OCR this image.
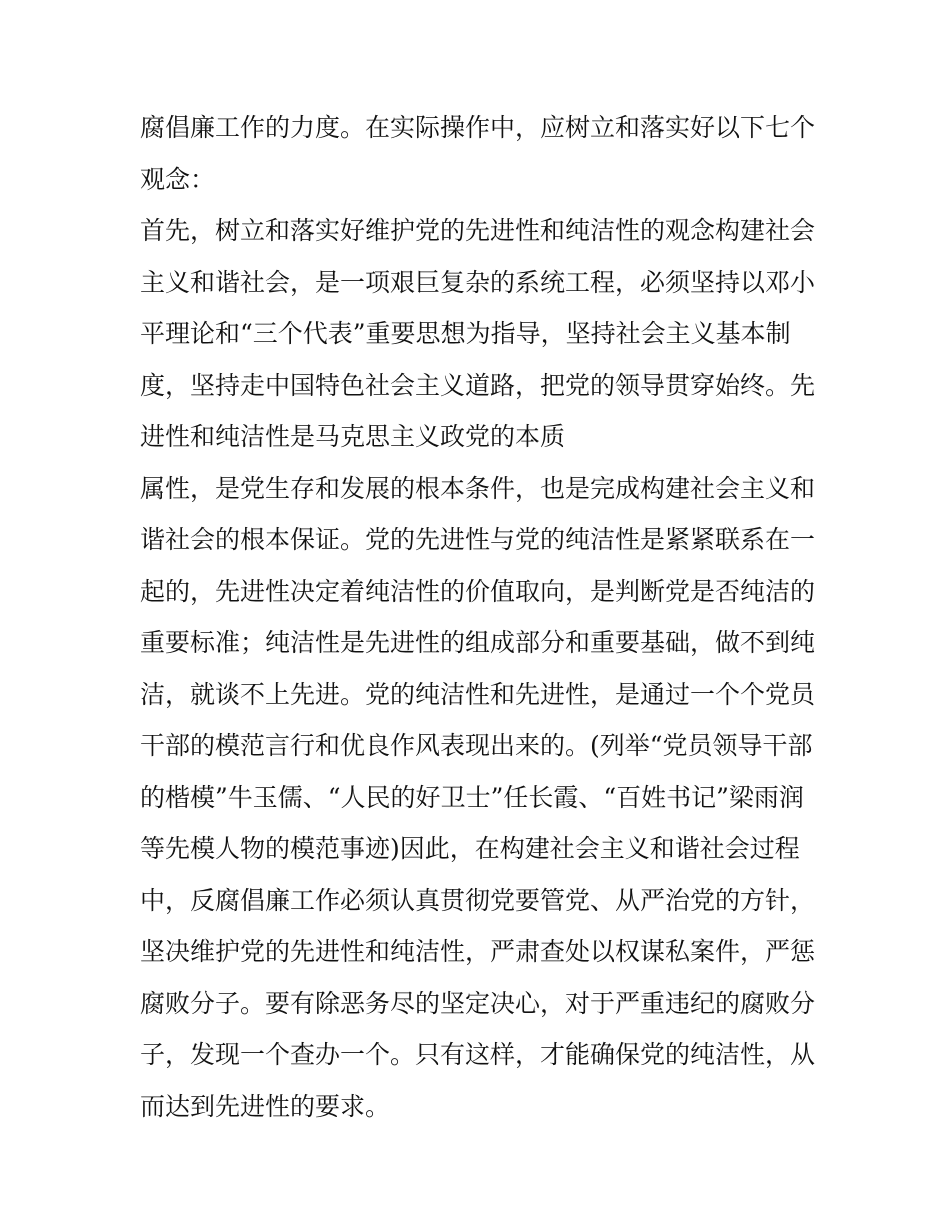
腐倡廉工作的力度。在实际操作中，应树立和落实好以下七个
观念：
首先，树立和落实好维护党的先进性和纯洁性的观念构建社会
主义和谐社会，是一项艰巨复杂的系统工程，必须坚持以邓小
平理论和“三个代表”重要思想为指导，坚持社会主义基本制
度，坚持走中国特色社会主义道路，把党的领导贯穿始终。先
进性和纯洁性是马克思主义政党的本质
属性，是党生存和发展的根本条件，也是完成构建社会主义和
谐社会的根本保证。党的先进性与党的纯洁性是紧紧联系在一
起的，先进性决定着纯洁性的价值取向，是判断党是否纯洁的
重要标准；纯洁性是先进性的组成部分和重要基础，做不到纯
洁，就谈不上先进。党的纯洁性和先进性，是通过一个个党员
干部的模范言行和优良作风表现出来的。(列举“党员领导干部
的楷模”牛玉儒、“人民的好卫士”任长霞、“百姓书记”梁雨润
等先模人物的模范事迹)因此，在构建社会主义和谐社会过程
中，反腐倡廉工作必须认真贯彻党要管党、从严治党的方针，
坚决维护党的先进性和纯洁性，严肃查处以权谋私案件，严惩
腐败分子。要有除恶务尽的坚定决心，对于严重违纪的腐败分
子，发现一个查办一个。只有这样，才能确保党的纯洁性，从
而达到先进性的要求。
